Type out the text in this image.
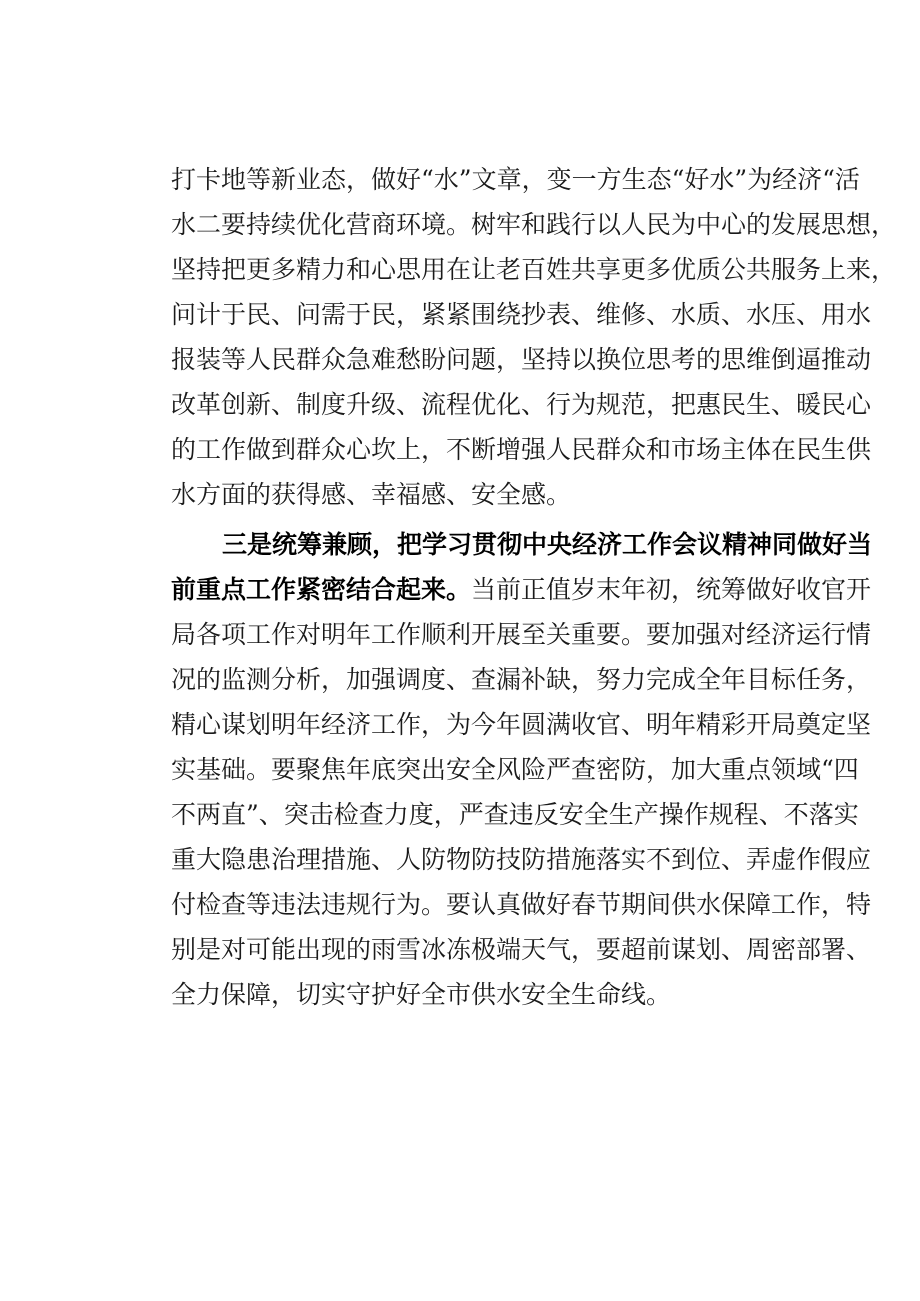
打卡地等新业态，做好“水”文章，变一方生态“好水”为经济“活
水二要持续优化营商环境。树牢和践行以人民为中心的发展思想，
坚持把更多精力和心思用在让老百姓共享更多优质公共服务上来，
问计于民、问需于民，紧紧围绕抄表、维修、水质、水压、用水
报装等人民群众急难愁盼问题，坚持以换位思考的思维倒逼推动
改革创新、制度升级、流程优化、行为规范，把惠民生、暖民心
的工作做到群众心坎上，不断增强人民群众和市场主体在民生供
水方面的获得感、幸福感、安全感。
三是统筹兼顾，把学习贯彻中央经济工作会议精神同做好当
前重点工作紧密结合起来。当前正值岁末年初，统筹做好收官开
局各项工作对明年工作顺利开展至关重要。要加强对经济运行情
况的监测分析，加强调度、查漏补缺，努力完成全年目标任务，
精心谋划明年经济工作，为今年圆满收官、明年精彩开局奠定坚
实基础。要聚焦年底突出安全风险严查密防，加大重点领域“四
不两直”、突击检查力度，严查违反安全生产操作规程、不落实
重大隐患治理措施、人防物防技防措施落实不到位、弄虚作假应
付检查等违法违规行为。要认真做好春节期间供水保障工作，特
别是对可能出现的雨雪冰冻极端天气，要超前谋划、周密部署、
全力保障，切实守护好全市供水安全生命线。
